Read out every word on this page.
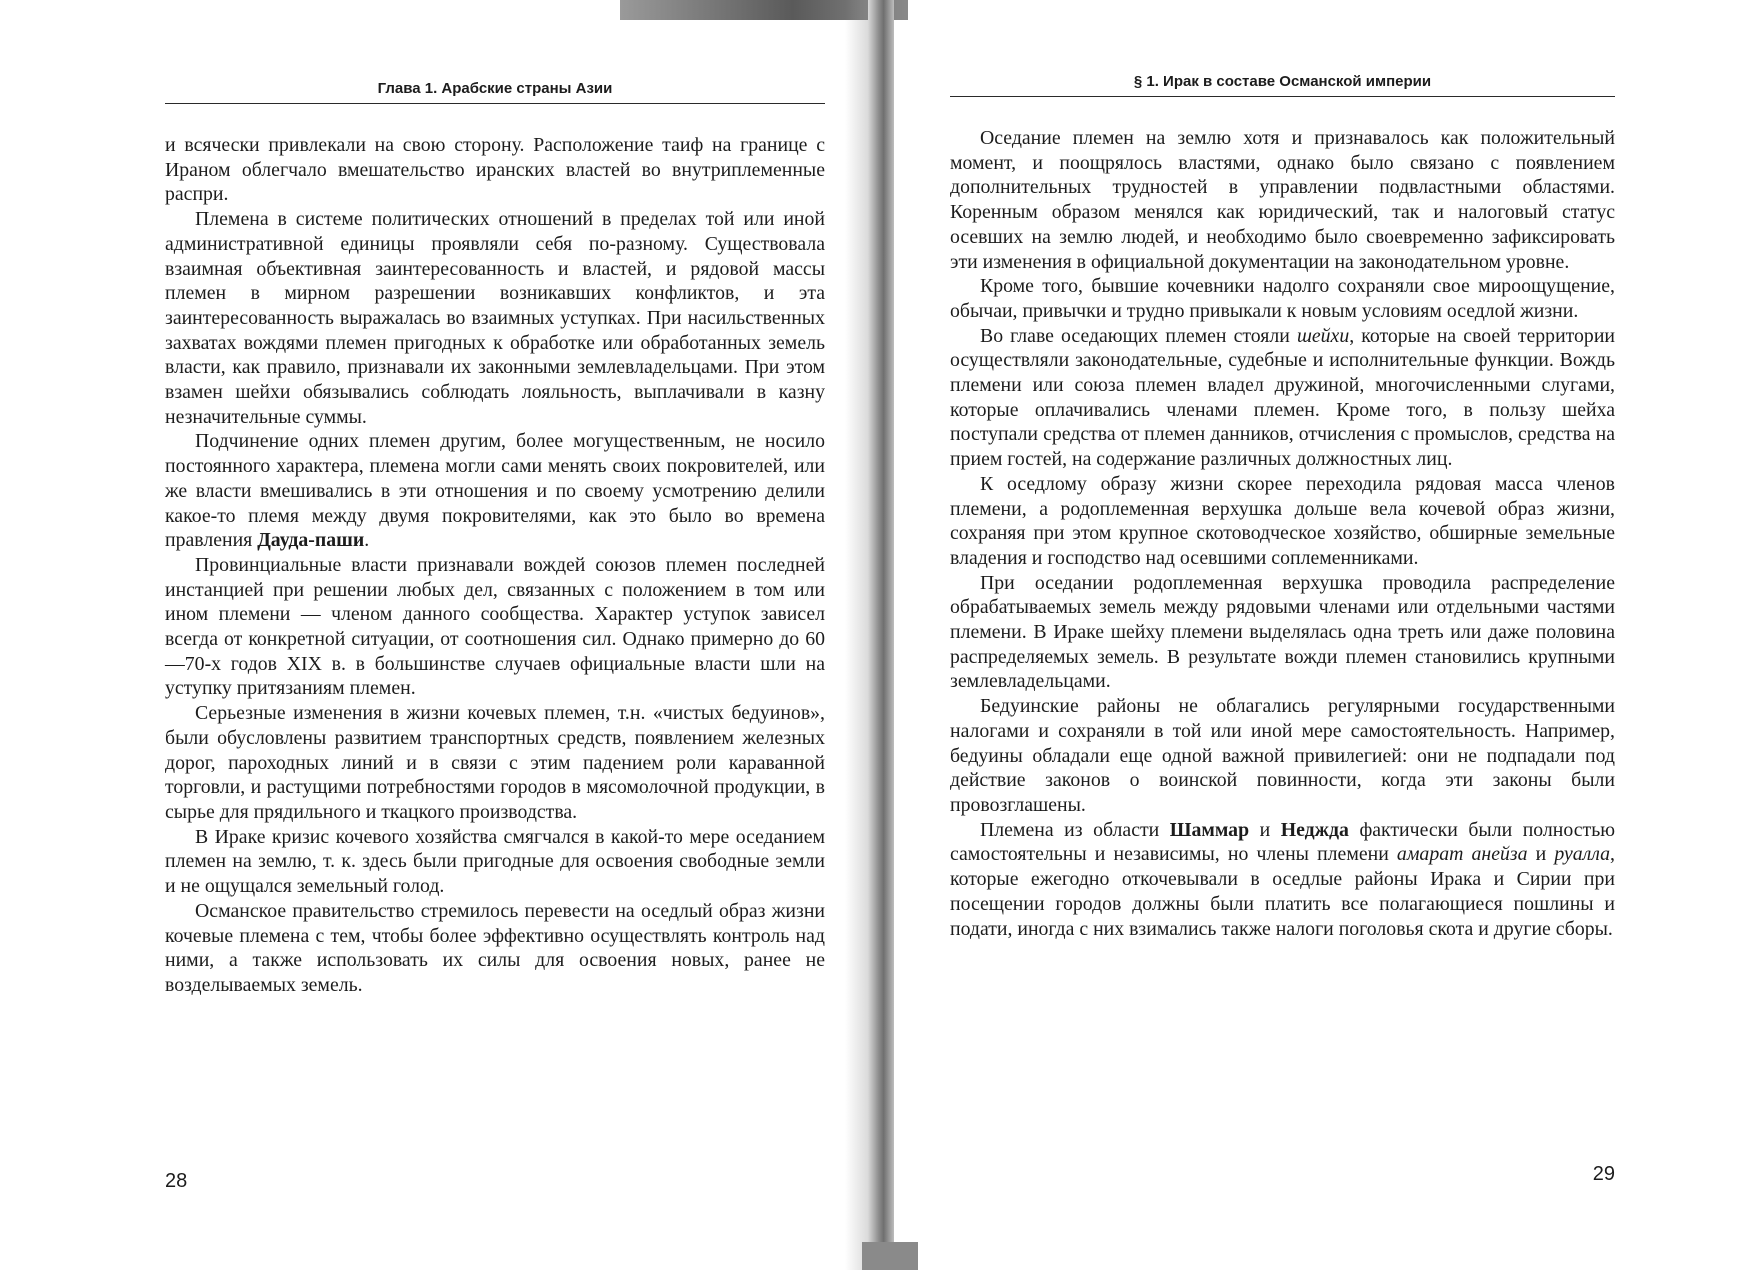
Глава 1. Арабские страны Азии

и всячески привлекали на свою сторону. Расположение таиф на границе с Ираном облегчало вмешательство иранских властей во внутриплеменные распри.

Племена в системе политических отношений в пределах той или иной административной единицы проявляли себя по-разному. Существовала взаимная объективная заинтересованность и властей, и рядовой массы племен в мирном разрешении возникавших конфликтов, и эта заинтересованность выражалась во взаимных уступках. При насильственных захватах вождями племен пригодных к обработке или обработанных земель власти, как правило, признавали их законными землевладельцами. При этом взамен шейхи обязывались соблюдать лояльность, выплачивали в казну незначительные суммы.

Подчинение одних племен другим, более могущественным, не носило постоянного характера, племена могли сами менять своих покровителей, или же власти вмешивались в эти отношения и по своему усмотрению делили какое-то племя между двумя покровителями, как это было во времена правления Дауда-паши.

Провинциальные власти признавали вождей союзов племен последней инстанцией при решении любых дел, связанных с положением в том или ином племени — членом данного сообщества. Характер уступок зависел всегда от конкретной ситуации, от соотношения сил. Однако примерно до 60—70-х годов XIX в. в большинстве случаев официальные власти шли на уступку притязаниям племен.

Серьезные изменения в жизни кочевых племен, т.н. «чистых бедуинов», были обусловлены развитием транспортных средств, появлением железных дорог, пароходных линий и в связи с этим падением роли караванной торговли, и растущими потребностями городов в мясомолочной продукции, в сырье для прядильного и ткацкого производства.

В Ираке кризис кочевого хозяйства смягчался в какой-то мере оседанием племен на землю, т. к. здесь были пригодные для освоения свободные земли и не ощущался земельный голод.

Османское правительство стремилось перевести на оседлый образ жизни кочевые племена с тем, чтобы более эффективно осуществлять контроль над ними, а также использовать их силы для освоения новых, ранее не возделываемых земель.

28
§ 1. Ирак в составе Османской империи

Оседание племен на землю хотя и признавалось как положительный момент, и поощрялось властями, однако было связано с появлением дополнительных трудностей в управлении подвластными областями. Коренным образом менялся как юридический, так и налоговый статус осевших на землю людей, и необходимо было своевременно зафиксировать эти изменения в официальной документации на законодательном уровне.

Кроме того, бывшие кочевники надолго сохраняли свое мироощущение, обычаи, привычки и трудно привыкали к новым условиям оседлой жизни.

Во главе оседающих племен стояли шейхи, которые на своей территории осуществляли законодательные, судебные и исполнительные функции. Вождь племени или союза племен владел дружиной, многочисленными слугами, которые оплачивались членами племен. Кроме того, в пользу шейха поступали средства от племен данников, отчисления с промыслов, средства на прием гостей, на содержание различных должностных лиц.

К оседлому образу жизни скорее переходила рядовая масса членов племени, а родоплеменная верхушка дольше вела кочевой образ жизни, сохраняя при этом крупное скотоводческое хозяйство, обширные земельные владения и господство над осевшими соплеменниками.

При оседании родоплеменная верхушка проводила распределение обрабатываемых земель между рядовыми членами или отдельными частями племени. В Ираке шейху племени выделялась одна треть или даже половина распределяемых земель. В результате вожди племен становились крупными землевладельцами.

Бедуинские районы не облагались регулярными государственными налогами и сохраняли в той или иной мере самостоятельность. Например, бедуины обладали еще одной важной привилегией: они не подпадали под действие законов о воинской повинности, когда эти законы были провозглашены.

Племена из области Шаммар и Неджда фактически были полностью самостоятельны и независимы, но члены племени амарат анейза и руалла, которые ежегодно откочевывали в оседлые районы Ирака и Сирии при посещении городов должны были платить все полагающиеся пошлины и подати, иногда с них взимались также налоги поголовья скота и другие сборы.

29
